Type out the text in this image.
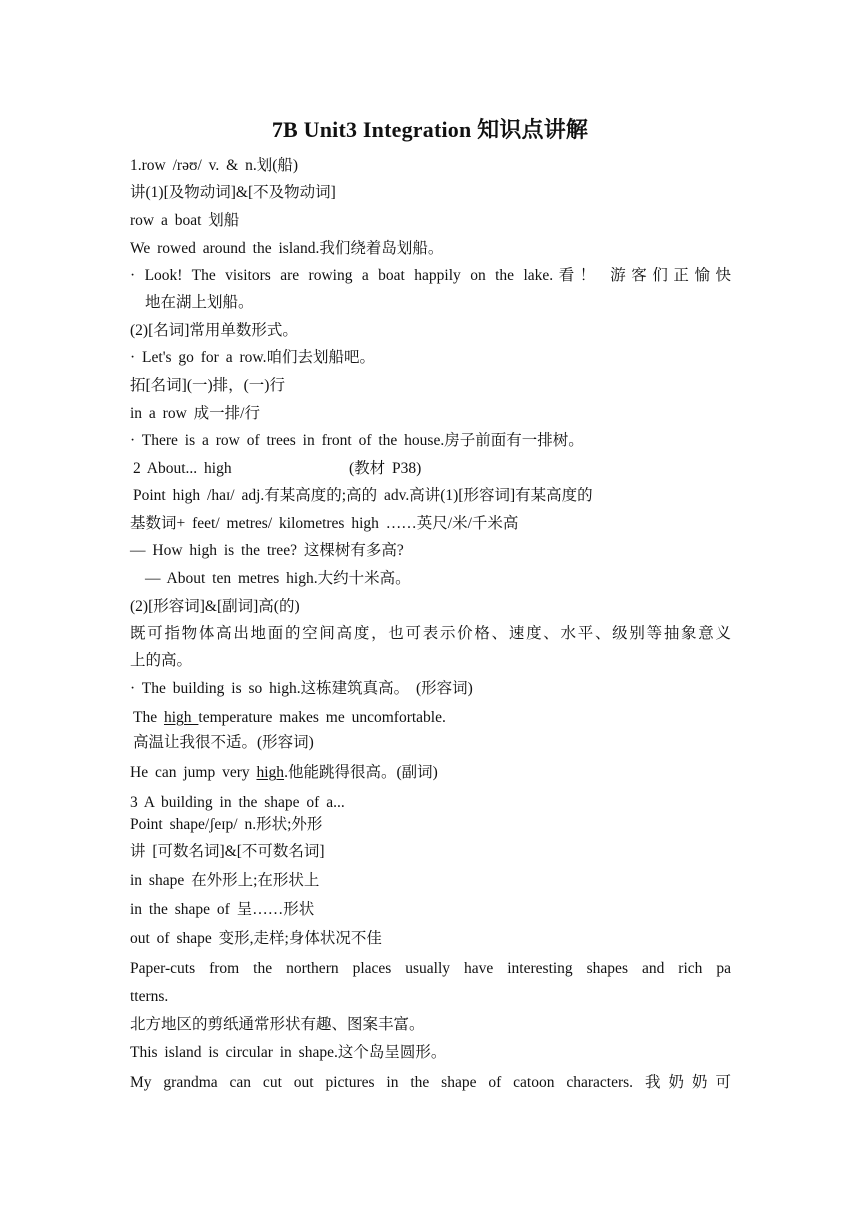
7B Unit3 Integration 知识点讲解
1.row /rəʊ/ v. & n.划(船)
讲(1)[及物动词]&[不及物动词]
row a boat 划船
We rowed around the island.我们绕着岛划船。
· Look! The visitors are rowing a boat happily on the lake.看！ 游客们正愉快
地在湖上划船。
(2)[名词]常用单数形式。
· Let's go for a row.咱们去划船吧。
拓[名词](一)排，(一)行
in a row 成一排/行
· There is a row of trees in front of the house.房子前面有一排树。
2 About... high	(教材 P38)
Point high /haɪ/ adj.有某高度的;高的 adv.高讲(1)[形容词]有某高度的
基数词+ feet/ metres/ kilometres high ……英尺/米/千米高
— How high is the tree? 这棵树有多高?
— About ten metres high.大约十米高。
(2)[形容词]&[副词]高(的)
既可指物体高出地面的空间高度，也可表示价格、速度、水平、级别等抽象意义
上的高。
· The building is so high.这栋建筑真高。 (形容词)
The high temperature makes me uncomfortable.
高温让我很不适。(形容词)
He can jump very high.他能跳得很高。(副词)
3 A building in the shape of a...
Point shape/ʃeɪp/ n.形状;外形
讲 [可数名词]&[不可数名词]
in shape 在外形上;在形状上
in the shape of 呈……形状
out of shape 变形,走样;身体状况不佳
Paper-cuts from the northern places usually have interesting shapes and rich pa
tterns.
北方地区的剪纸通常形状有趣、图案丰富。
This island is circular in shape.这个岛呈圆形。
My grandma can cut out pictures in the shape of catoon characters. 我奶奶可
